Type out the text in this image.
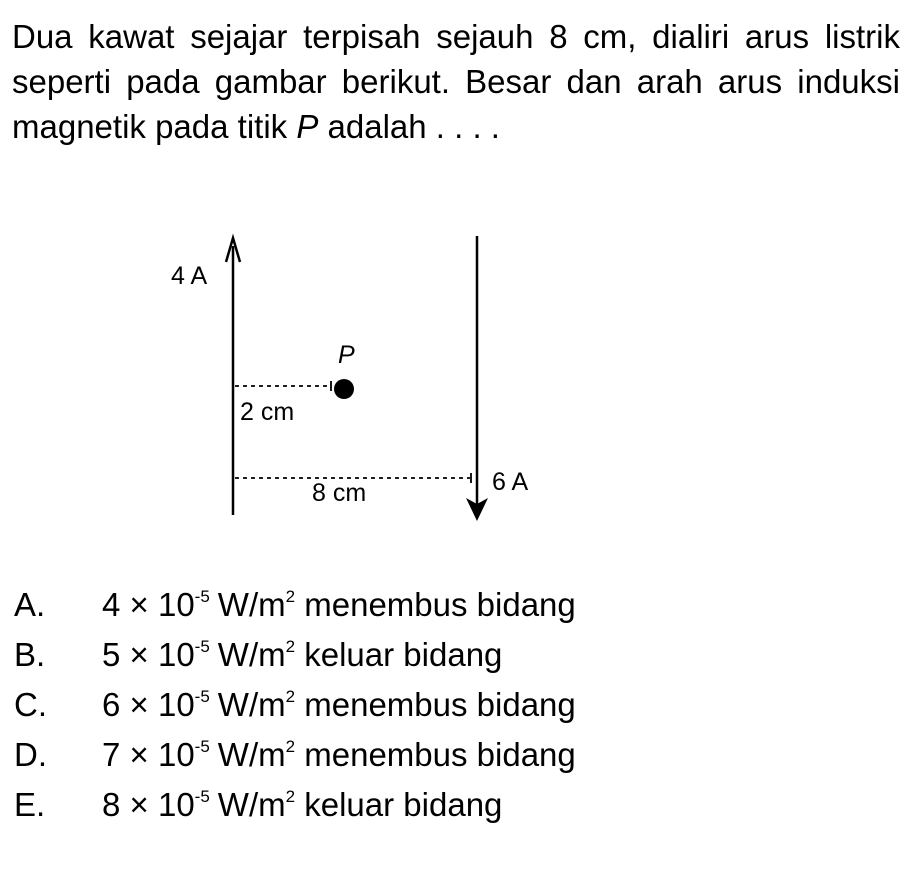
Dua kawat sejajar terpisah sejauh 8 cm, dialiri arus listrik seperti pada gambar berikut. Besar dan arah arus induksi magnetik pada titik P adalah . . . .
4 A
P
2 cm
8 cm	6 A
A. $4 \times 10^{-5}$ $W/m^2$ menembus bidang
B. $5 \times 10^{-5}$ $W/m^2$ keluar bidang
C. $6 \times 10^{-5}$ $W/m^2$ menembus bidang
D. $7 \times 10^{-5}$ $W/m^2$ menembus bidang
E. $8 \times 10^{-5}$ $W/m^2$ keluar bidang
